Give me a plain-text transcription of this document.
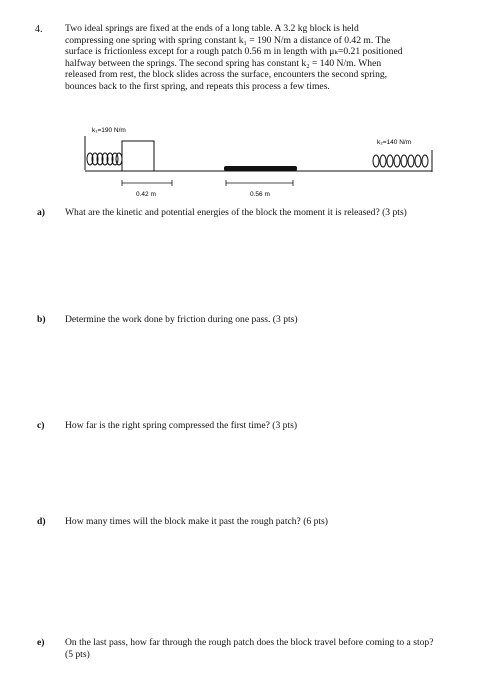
4. Two ideal springs are fixed at the ends of a long table. A 3.2 kg block is held

compressing one spring with spring constant k₁ = 190 N/m a distance of 0.42 m. The

surface is frictionless except for a rough patch 0.56 m in length with μₖ=0.21 positioned

halfway between the springs. The second spring has constant k₂ = 140 N/m. When

released from rest, the block slides across the surface, encounters the second spring,

bounces back to the first spring, and repeats this process a few times.

k₁=190 N/m
k₂=140 N/m
0.42 m	0.56 m
a) What are the kinetic and potential energies of the block the moment it is released? (3 pts)
b) Determine the work done by friction during one pass. (3 pts)
c) How far is the right spring compressed the first time? (3 pts)
d) How many times will the block make it past the rough patch? (6 pts)
e) On the last pass, how far through the rough patch does the block travel before coming to a stop? (5 pts)
